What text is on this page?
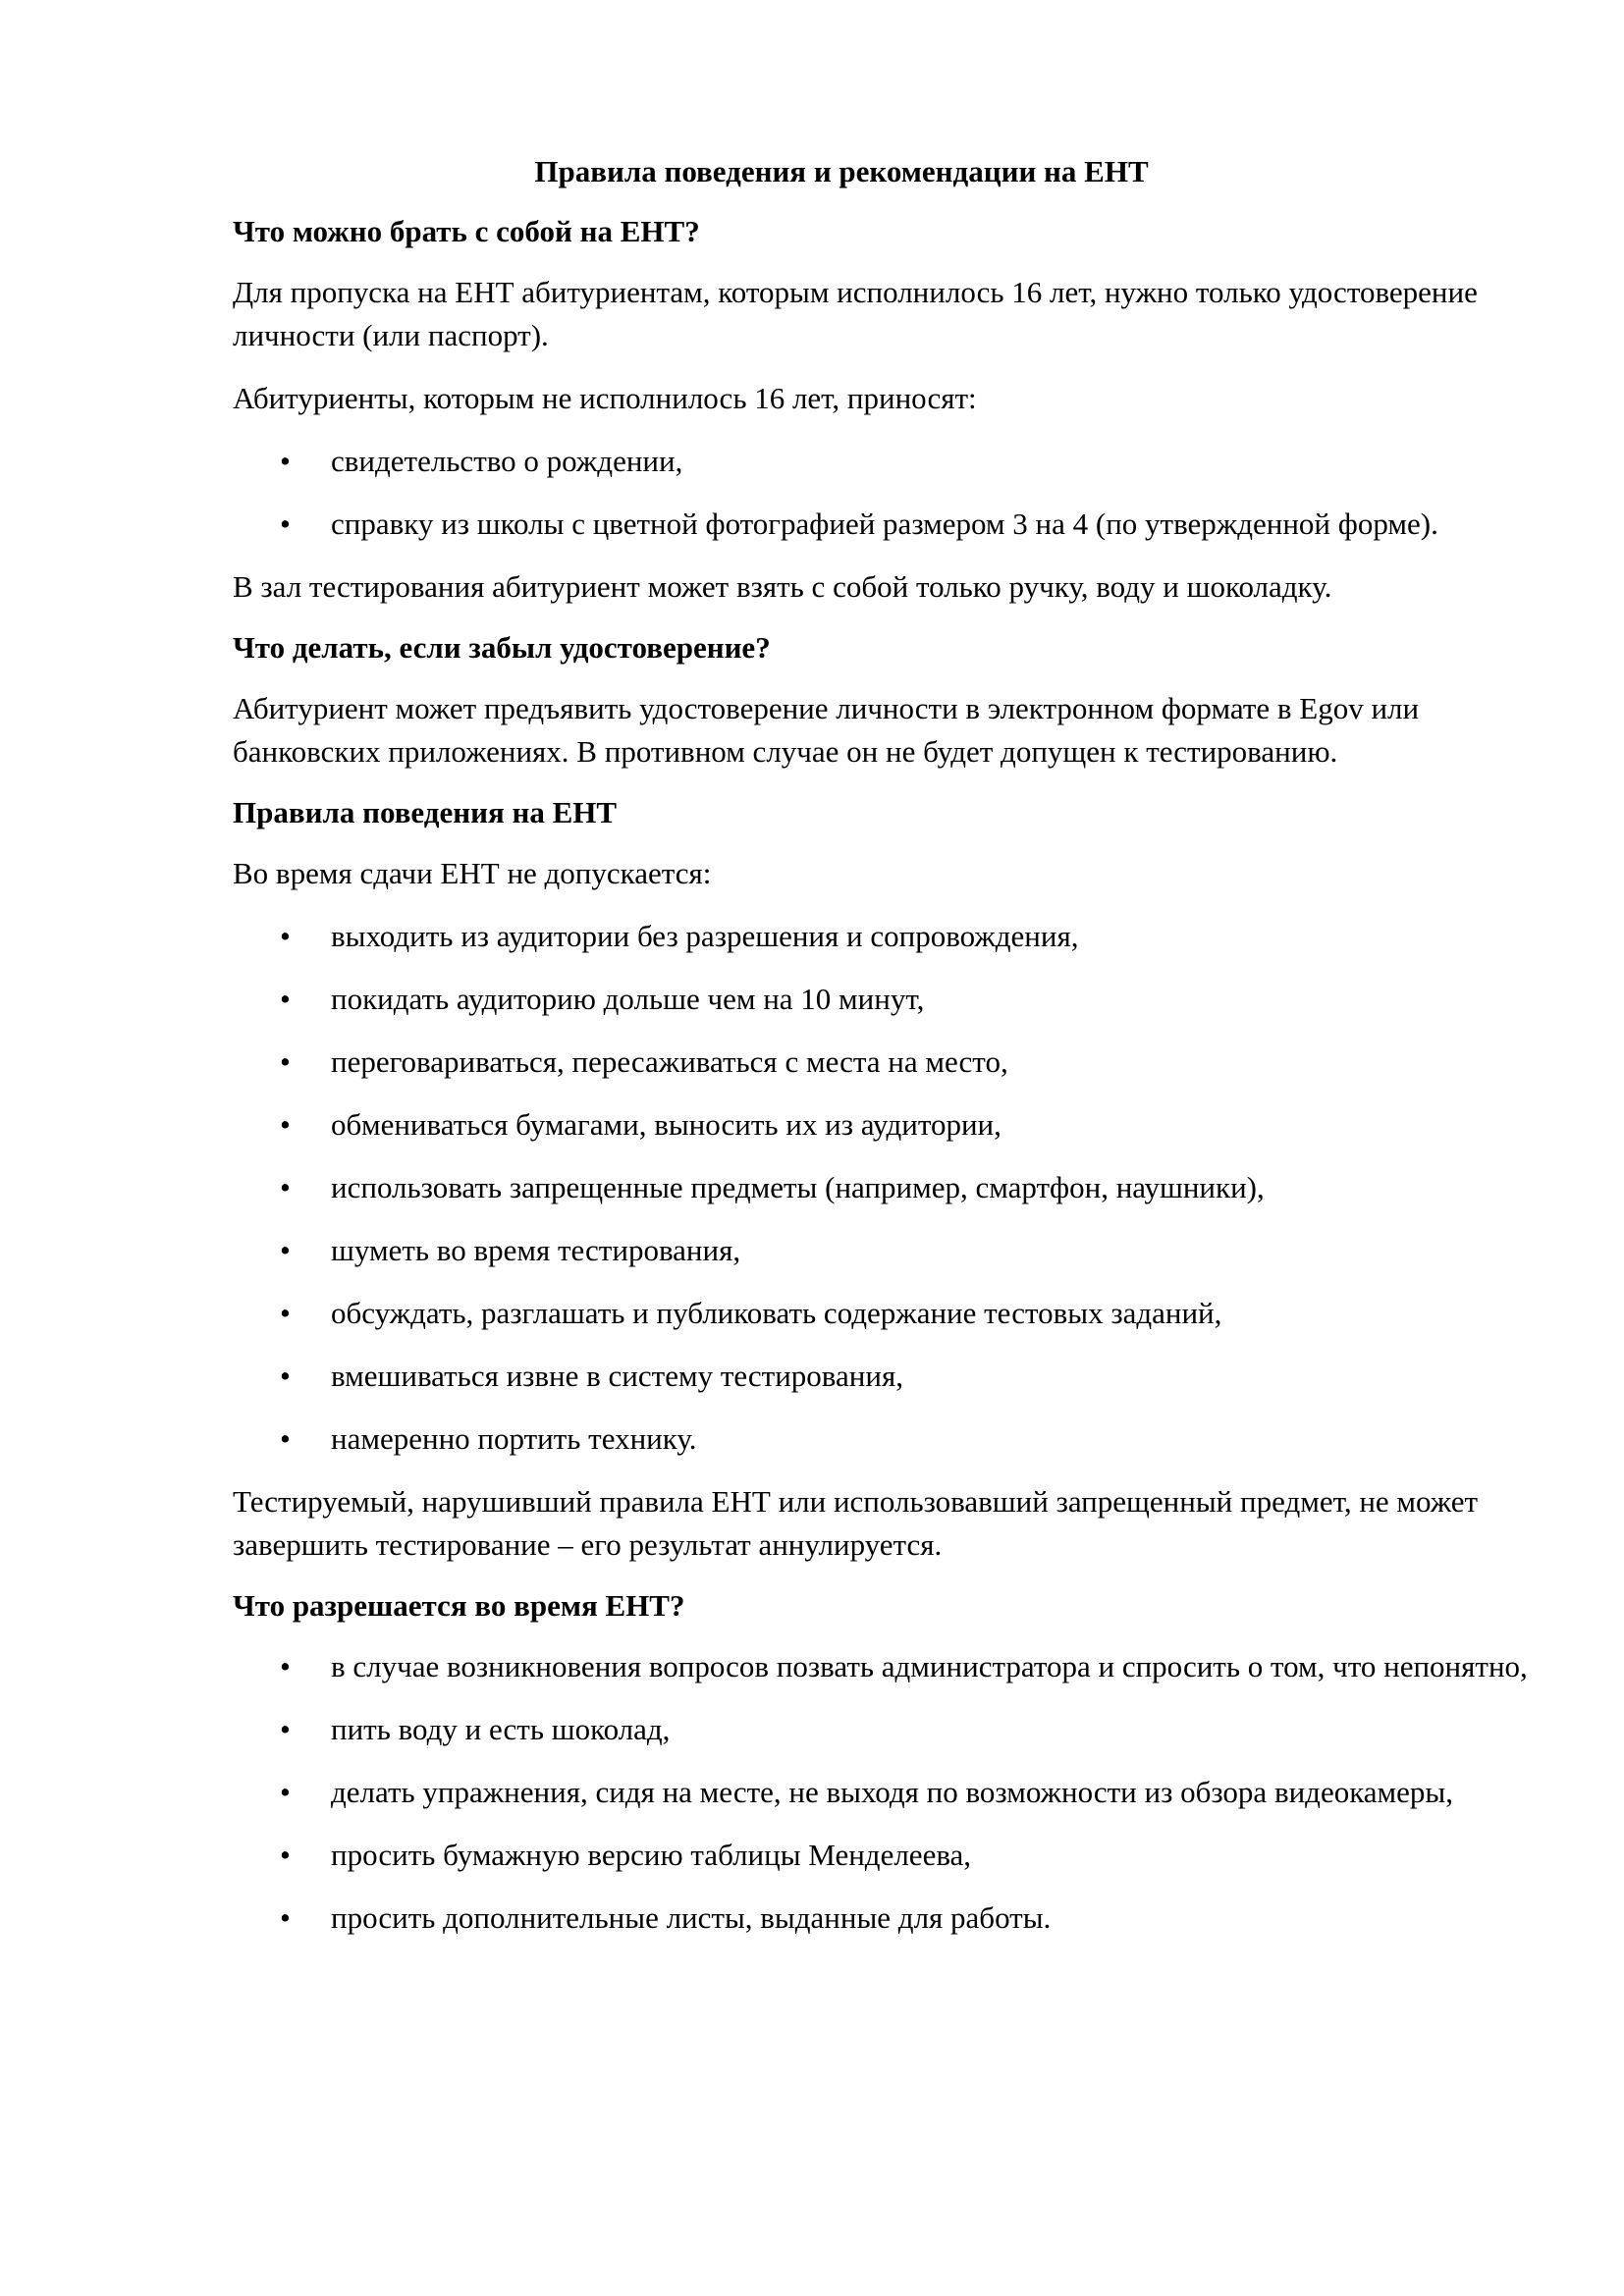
Правила поведения и рекомендации на ЕНТ
Что можно брать с собой на ЕНТ?

Для пропуска на ЕНТ абитуриентам, которым исполнилось 16 лет, нужно только удостоверение личности (или паспорт).

Абитуриенты, которым не исполнилось 16 лет, приносят:

• свидетельство о рождении,
• справку из школы с цветной фотографией размером 3 на 4 (по утвержденной форме).

В зал тестирования абитуриент может взять с собой только ручку, воду и шоколадку.

Что делать, если забыл удостоверение?

Абитуриент может предъявить удостоверение личности в электронном формате в Egov или банковских приложениях. В противном случае он не будет допущен к тестированию.

Правила поведения на ЕНТ

Во время сдачи ЕНТ не допускается:

• выходить из аудитории без разрешения и сопровождения,
• покидать аудиторию дольше чем на 10 минут,
• переговариваться, пересаживаться с места на место,
• обмениваться бумагами, выносить их из аудитории,
• использовать запрещенные предметы (например, смартфон, наушники),
• шуметь во время тестирования,
• обсуждать, разглашать и публиковать содержание тестовых заданий,
• вмешиваться извне в систему тестирования,
• намеренно портить технику.

Тестируемый, нарушивший правила ЕНТ или использовавший запрещенный предмет, не может завершить тестирование – его результат аннулируется.

Что разрешается во время ЕНТ?
• в случае возникновения вопросов позвать администратора и спросить о том, что непонятно,
• пить воду и есть шоколад,
• делать упражнения, сидя на месте, не выходя по возможности из обзора видеокамеры,
• просить бумажную версию таблицы Менделеева,
• просить дополнительные листы, выданные для работы.
